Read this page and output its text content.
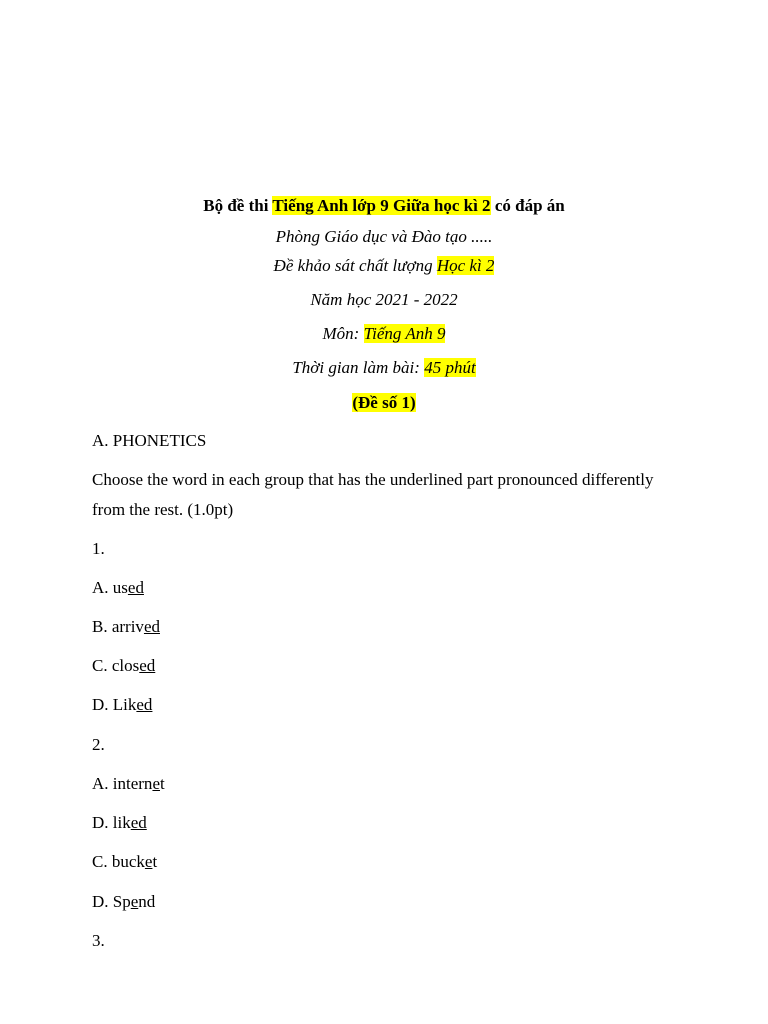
Bộ đề thi Tiếng Anh lớp 9 Giữa học kì 2 có đáp án
Phòng Giáo dục và Đào tạo .....
Đề khảo sát chất lượng Học kì 2
Năm học 2021 - 2022
Môn: Tiếng Anh 9
Thời gian làm bài: 45 phút
(Đề số 1)
A. PHONETICS
Choose the word in each group that has the underlined part pronounced differently
from the rest. (1.0pt)
1.
A. used
B. arrived
C. closed
D. Liked
2.
A. internet
D. liked
C. bucket
D. Spend
3.
